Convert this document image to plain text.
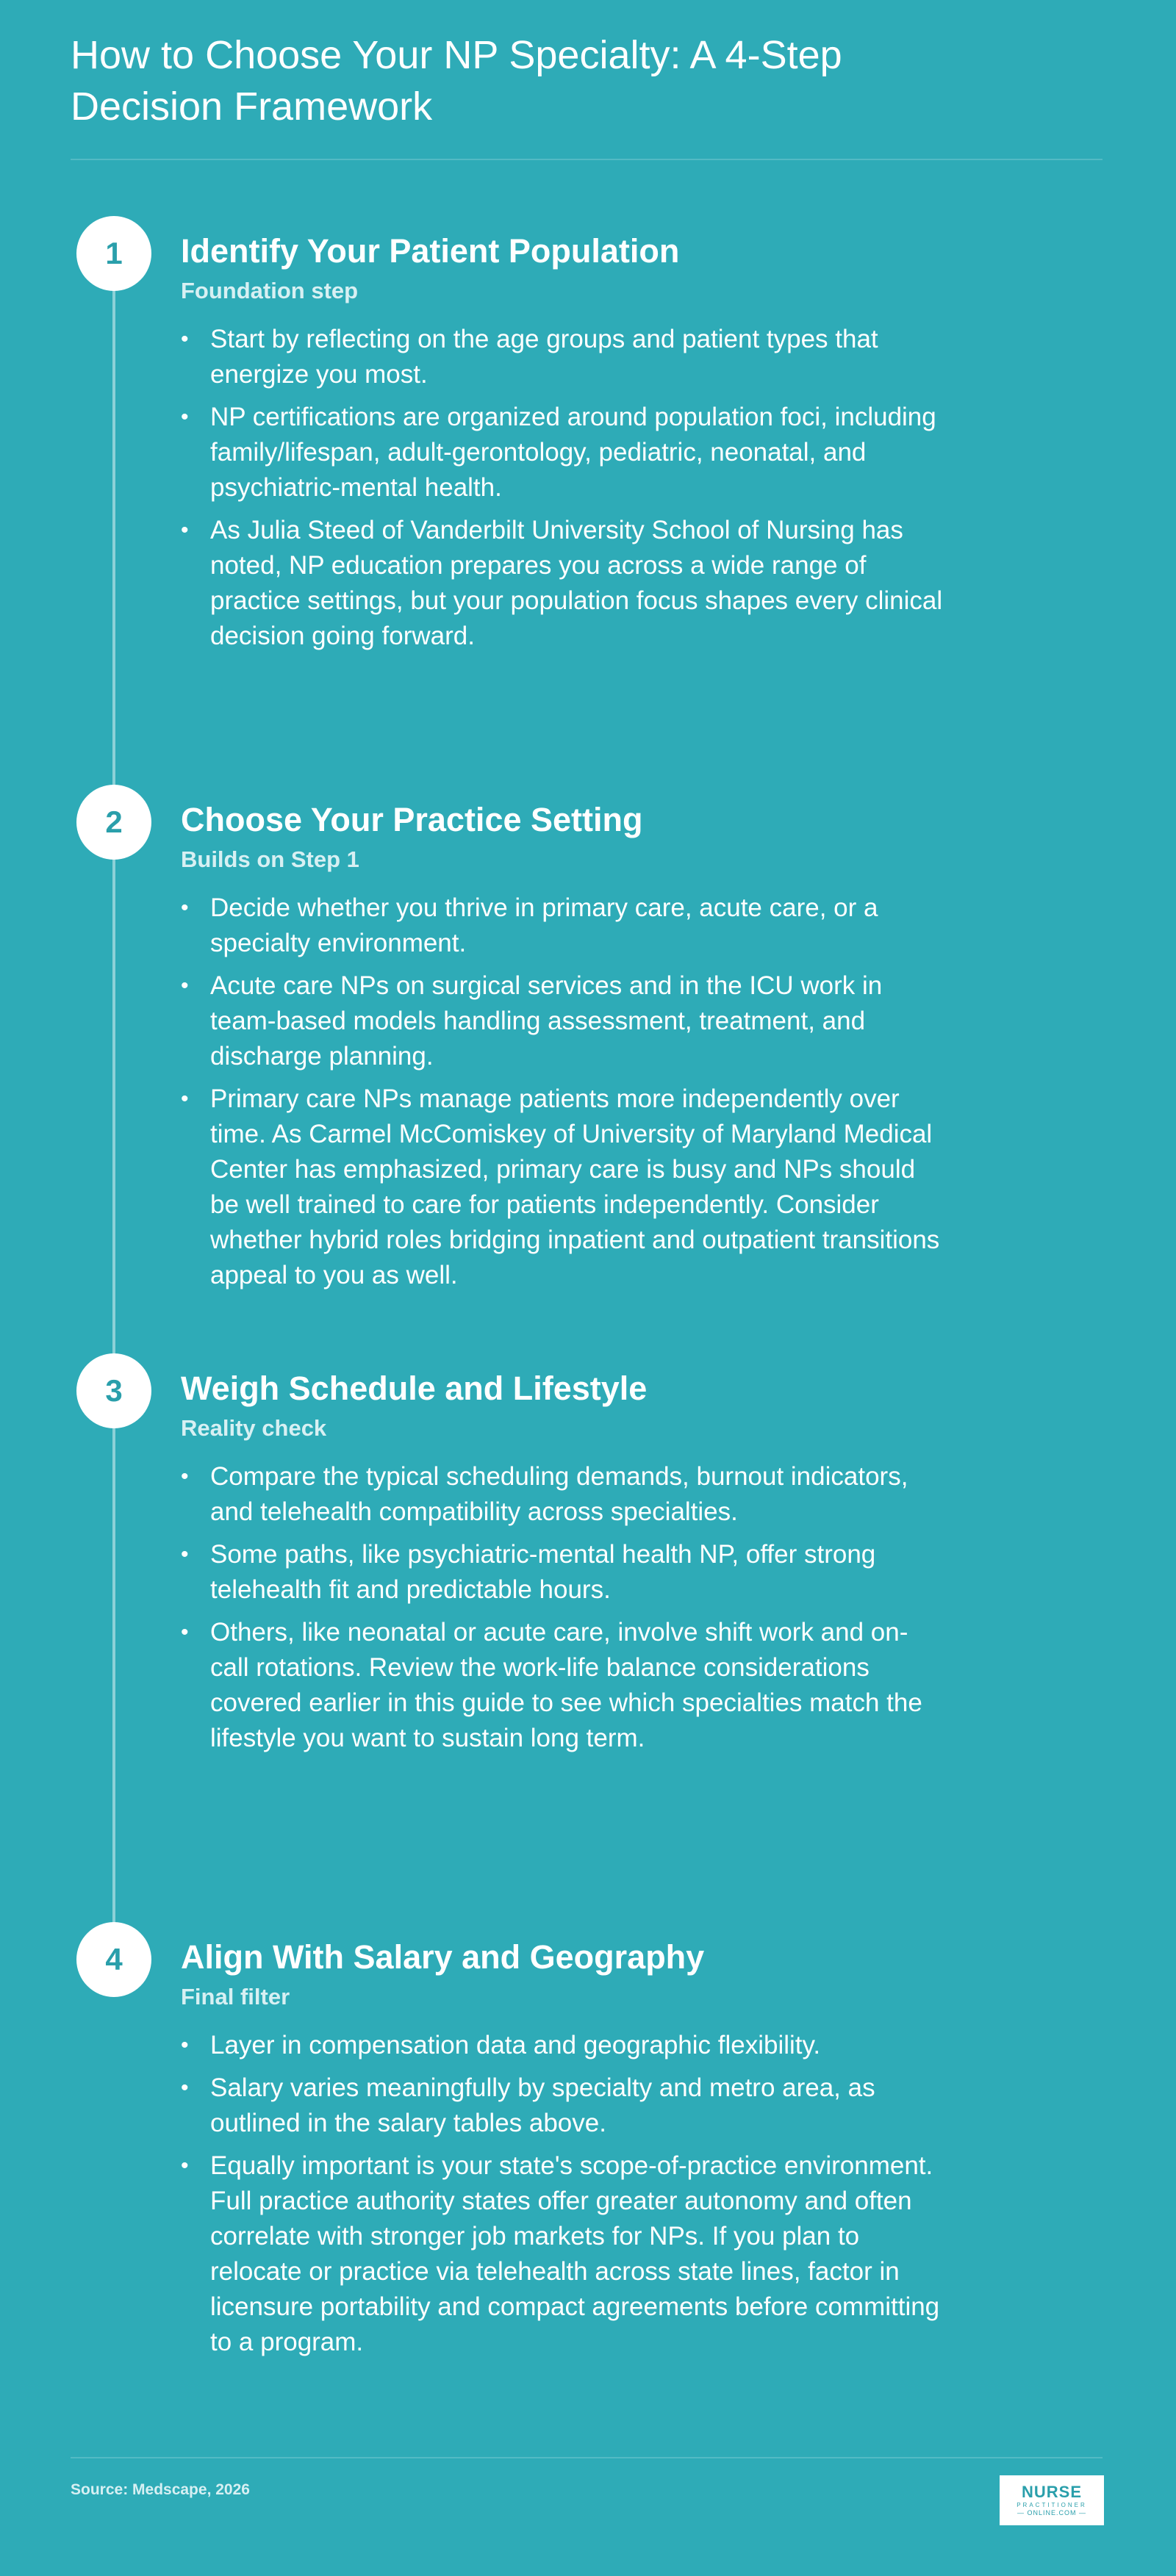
How to Choose Your NP Specialty: A 4-Step Decision Framework
1	Identify Your Patient Population
Foundation step
• Start by reflecting on the age groups and patient types that energize you most.
• NP certifications are organized around population foci, including family/lifespan, adult-gerontology, pediatric, neonatal, and psychiatric-mental health.
• As Julia Steed of Vanderbilt University School of Nursing has noted, NP education prepares you across a wide range of practice settings, but your population focus shapes every clinical decision going forward.
2	Choose Your Practice Setting
Builds on Step 1
• Decide whether you thrive in primary care, acute care, or a specialty environment.
• Acute care NPs on surgical services and in the ICU work in team-based models handling assessment, treatment, and discharge planning.
• Primary care NPs manage patients more independently over time. As Carmel McComiskey of University of Maryland Medical Center has emphasized, primary care is busy and NPs should be well trained to care for patients independently. Consider whether hybrid roles bridging inpatient and outpatient transitions appeal to you as well.
3	Weigh Schedule and Lifestyle
Reality check
• Compare the typical scheduling demands, burnout indicators, and telehealth compatibility across specialties.
• Some paths, like psychiatric-mental health NP, offer strong telehealth fit and predictable hours.
• Others, like neonatal or acute care, involve shift work and on-call rotations. Review the work-life balance considerations covered earlier in this guide to see which specialties match the lifestyle you want to sustain long term.
4	Align With Salary and Geography
Final filter
• Layer in compensation data and geographic flexibility.
• Salary varies meaningfully by specialty and metro area, as outlined in the salary tables above.
• Equally important is your state's scope-of-practice environment. Full practice authority states offer greater autonomy and often correlate with stronger job markets for NPs. If you plan to relocate or practice via telehealth across state lines, factor in licensure portability and compact agreements before committing to a program.
Source: Medscape, 2026	NURSE
PRACTITIONER
— ONLINE.COM —
